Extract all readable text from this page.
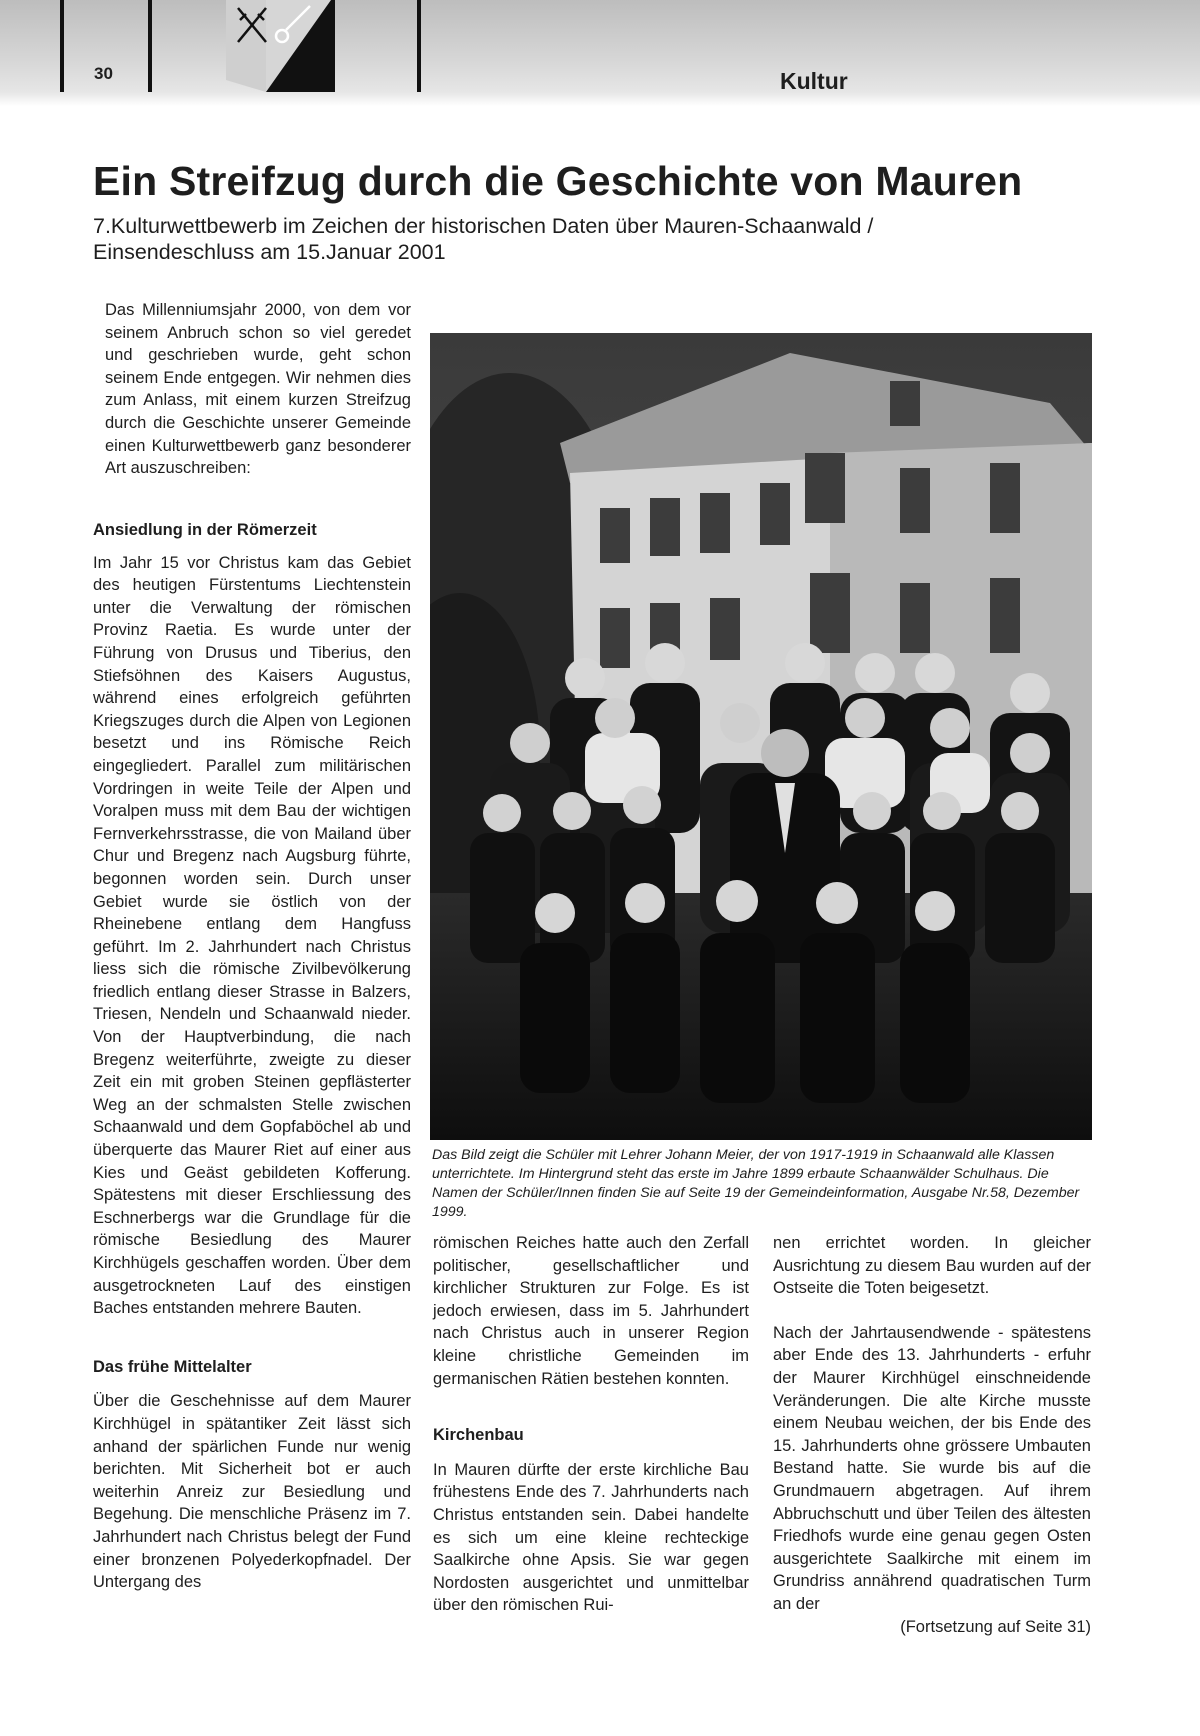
30	Kultur
Ein Streifzug durch die Geschichte von Mauren
7.Kulturwettbewerb im Zeichen der historischen Daten über Mauren-Schaanwald / Einsendeschluss am 15.Januar 2001

Das Millenniumsjahr 2000, von dem vor seinem Anbruch schon so viel geredet und geschrieben wurde, geht schon seinem Ende entgegen. Wir nehmen dies zum Anlass, mit einem kurzen Streifzug durch die Geschichte unserer Gemeinde einen Kulturwettbewerb ganz besonderer Art auszuschreiben:

Ansiedlung in der Römerzeit

Im Jahr 15 vor Christus kam das Gebiet des heutigen Fürstentums Liechtenstein unter die Verwaltung der römischen Provinz Raetia. Es wurde unter der Führung von Drusus und Tiberius, den Stiefsöhnen des Kaisers Augustus, während eines erfolgreich geführten Kriegszuges durch die Alpen von Legionen besetzt und ins Römische Reich eingegliedert. Parallel zum militärischen Vordringen in weite Teile der Alpen und Voralpen muss mit dem Bau der wichtigen Fernverkehrsstrasse, die von Mailand über Chur und Bregenz nach Augsburg führte, begonnen worden sein. Durch unser Gebiet wurde sie östlich von der Rheinebene entlang dem Hangfuss geführt. Im 2. Jahrhundert nach Christus liess sich die römische Zivilbevölkerung friedlich entlang dieser Strasse in Balzers, Triesen, Nendeln und Schaanwald nieder. Von der Hauptverbindung, die nach Bregenz weiterführte, zweigte zu dieser Zeit ein mit groben Steinen gepflästerter Weg an der schmalsten Stelle zwischen Schaanwald und dem Gopfaböchel ab und überquerte das Maurer Riet auf einer aus Kies und Geäst gebildeten Kofferung. Spätestens mit dieser Erschliessung des Eschnerbergs war die Grundlage für die römische Besiedlung des Maurer Kirchhügels geschaffen worden. Über dem ausgetrockneten Lauf des einstigen Baches entstanden mehrere Bauten.

Das frühe Mittelalter

Über die Geschehnisse auf dem Maurer Kirchhügel in spätantiker Zeit lässt sich anhand der spärlichen Funde nur wenig berichten. Mit Sicherheit bot er auch weiterhin Anreiz zur Besiedlung und Begehung. Die menschliche Präsenz im 7. Jahrhundert nach Christus belegt der Fund einer bronzenen Polyederkopfnadel. Der Untergang des

Das Bild zeigt die Schüler mit Lehrer Johann Meier, der von 1917-1919 in Schaanwald alle Klassen unterrichtete. Im Hintergrund steht das erste im Jahre 1899 erbaute Schaanwälder Schulhaus. Die Namen der Schüler/Innen finden Sie auf Seite 19 der Gemeindeinformation, Ausgabe Nr.58, Dezember 1999.

römischen Reiches hatte auch den Zerfall politischer, gesellschaftlicher und kirchlicher Strukturen zur Folge. Es ist jedoch erwiesen, dass im 5. Jahrhundert nach Christus auch in unserer Region kleine christliche Gemeinden im germanischen Rätien bestehen konnten.

Kirchenbau

In Mauren dürfte der erste kirchliche Bau frühestens Ende des 7. Jahrhunderts nach Christus entstanden sein. Dabei handelte es sich um eine kleine rechteckige Saalkirche ohne Apsis. Sie war gegen Nordosten ausgerichtet und unmittelbar über den römischen Rui-

nen errichtet worden. In gleicher Ausrichtung zu diesem Bau wurden auf der Ostseite die Toten beigesetzt.

Nach der Jahrtausendwende - spätestens aber Ende des 13. Jahrhunderts - erfuhr der Maurer Kirchhügel einschneidende Veränderungen. Die alte Kirche musste einem Neubau weichen, der bis Ende des 15. Jahrhunderts ohne grössere Umbauten Bestand hatte. Sie wurde bis auf die Grundmauern abgetragen. Auf ihrem Abbruchschutt und über Teilen des ältesten Friedhofs wurde eine genau gegen Osten ausgerichtete Saalkirche mit einem im Grundriss annährend quadratischen Turm an der

(Fortsetzung auf Seite 31)
